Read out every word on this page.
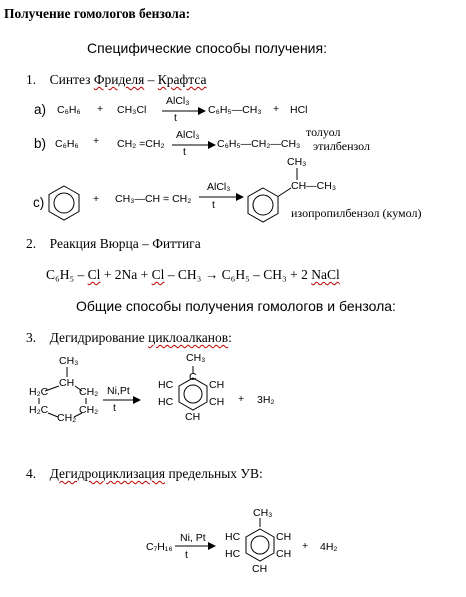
Получение гомологов бензола:
Специфические способы получения:
1. Синтез Фриделя – Крафтса
a) C₆H₆ + CH₃Cl
AlCl₃
t
C₆H₅—CH₃ + HCl
b) C₆H₆ + CH₂ =CH₂
AlCl₃
t
C₆H₅—CH₂—CH₃
толуол
этилбензол
c)	+ CH₃—CH = CH₂
AlCl₃
t
CH₃
CH—CH₃
изопропилбензол (кумол)
2. Реакция Вюрца – Фиттига
C₆H₅ – Cl + 2Na + Cl – CH₃ → C₆H₅ – CH₃ + 2 NaCl
Общие способы получения гомологов и бензола:
3. Дегидрирование циклоалканов:
CH₃
CH
H₂C	CH₂
H₂C	CH₂
CH₂
Ni,Pt
t
CH₃
C
HC	CH
HC	CH
CH
+ 3H₂
4. Дегидроциклизация предельных УВ:
C₇H₁₆
Ni, Pt
t
CH₃
HC	CH
HC	CH
CH
+ 4H₂
